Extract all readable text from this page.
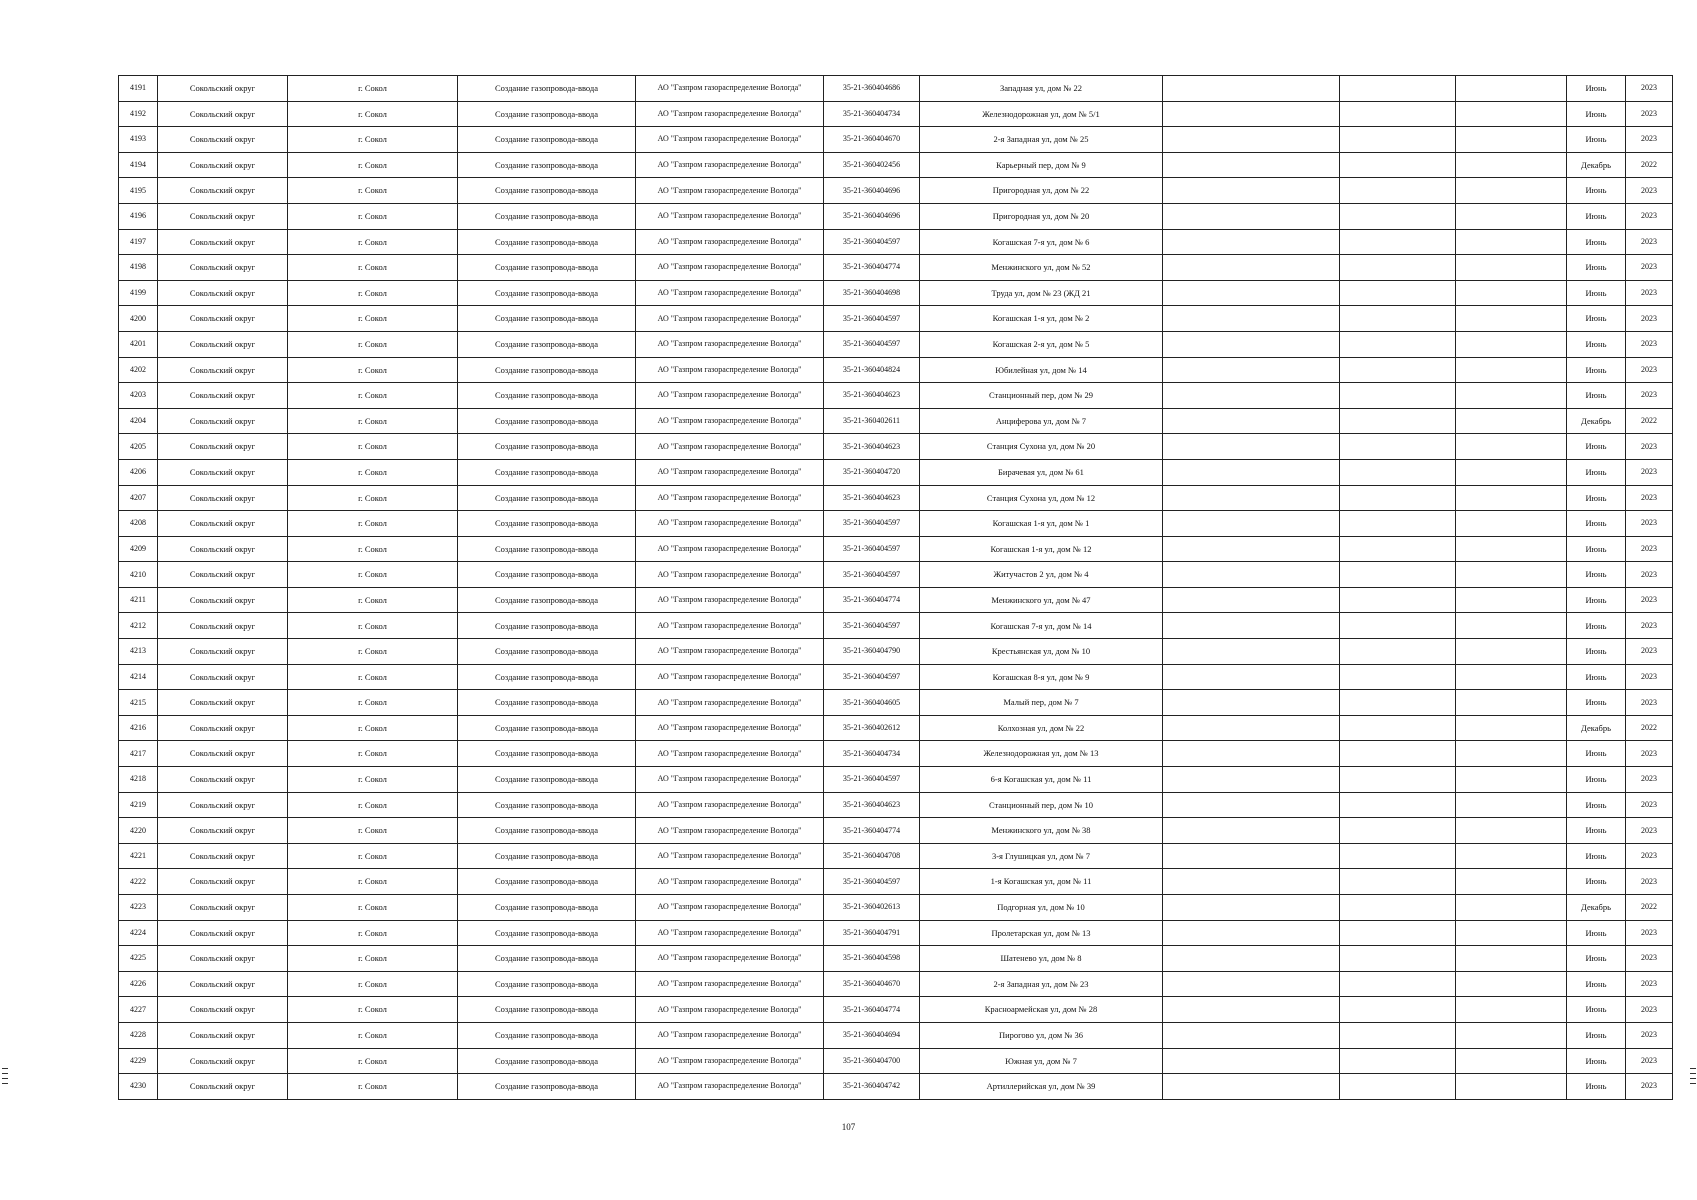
4191	Сокольский округ	г. Сокол	Создание газопровода-ввода	АО "Газпром газораспределение Вологда"	35-21-360404686	Западная ул, дом № 22				Июнь	2023
4192	Сокольский округ	г. Сокол	Создание газопровода-ввода	АО "Газпром газораспределение Вологда"	35-21-360404734	Железнодорожная ул, дом № 5/1				Июнь	2023
4193	Сокольский округ	г. Сокол	Создание газопровода-ввода	АО "Газпром газораспределение Вологда"	35-21-360404670	2-я Западная ул, дом № 25				Июнь	2023
4194	Сокольский округ	г. Сокол	Создание газопровода-ввода	АО "Газпром газораспределение Вологда"	35-21-360402456	Карьерный пер, дом № 9				Декабрь	2022
4195	Сокольский округ	г. Сокол	Создание газопровода-ввода	АО "Газпром газораспределение Вологда"	35-21-360404696	Пригородная ул, дом № 22				Июнь	2023
4196	Сокольский округ	г. Сокол	Создание газопровода-ввода	АО "Газпром газораспределение Вологда"	35-21-360404696	Пригородная ул, дом № 20				Июнь	2023
4197	Сокольский округ	г. Сокол	Создание газопровода-ввода	АО "Газпром газораспределение Вологда"	35-21-360404597	Когашская 7-я ул, дом № 6				Июнь	2023
4198	Сокольский округ	г. Сокол	Создание газопровода-ввода	АО "Газпром газораспределение Вологда"	35-21-360404774	Менжинского ул, дом № 52				Июнь	2023
4199	Сокольский округ	г. Сокол	Создание газопровода-ввода	АО "Газпром газораспределение Вологда"	35-21-360404698	Труда ул, дом № 23 (ЖД 21				Июнь	2023
4200	Сокольский округ	г. Сокол	Создание газопровода-ввода	АО "Газпром газораспределение Вологда"	35-21-360404597	Когашская 1-я ул, дом № 2				Июнь	2023
4201	Сокольский округ	г. Сокол	Создание газопровода-ввода	АО "Газпром газораспределение Вологда"	35-21-360404597	Когашская 2-я ул, дом № 5				Июнь	2023
4202	Сокольский округ	г. Сокол	Создание газопровода-ввода	АО "Газпром газораспределение Вологда"	35-21-360404824	Юбилейная ул, дом № 14				Июнь	2023
4203	Сокольский округ	г. Сокол	Создание газопровода-ввода	АО "Газпром газораспределение Вологда"	35-21-360404623	Станционный пер, дом № 29				Июнь	2023
4204	Сокольский округ	г. Сокол	Создание газопровода-ввода	АО "Газпром газораспределение Вологда"	35-21-360402611	Анциферова ул, дом № 7				Декабрь	2022
4205	Сокольский округ	г. Сокол	Создание газопровода-ввода	АО "Газпром газораспределение Вологда"	35-21-360404623	Станция Сухона ул, дом № 20				Июнь	2023
4206	Сокольский округ	г. Сокол	Создание газопровода-ввода	АО "Газпром газораспределение Вологда"	35-21-360404720	Бирачевая ул, дом № 61				Июнь	2023
4207	Сокольский округ	г. Сокол	Создание газопровода-ввода	АО "Газпром газораспределение Вологда"	35-21-360404623	Станция Сухона ул, дом № 12				Июнь	2023
4208	Сокольский округ	г. Сокол	Создание газопровода-ввода	АО "Газпром газораспределение Вологда"	35-21-360404597	Когашская 1-я ул, дом № 1				Июнь	2023
4209	Сокольский округ	г. Сокол	Создание газопровода-ввода	АО "Газпром газораспределение Вологда"	35-21-360404597	Когашская 1-я ул, дом № 12				Июнь	2023
4210	Сокольский округ	г. Сокол	Создание газопровода-ввода	АО "Газпром газораспределение Вологда"	35-21-360404597	Житучастов 2 ул, дом № 4				Июнь	2023
4211	Сокольский округ	г. Сокол	Создание газопровода-ввода	АО "Газпром газораспределение Вологда"	35-21-360404774	Менжинского ул, дом № 47				Июнь	2023
4212	Сокольский округ	г. Сокол	Создание газопровода-ввода	АО "Газпром газораспределение Вологда"	35-21-360404597	Когашская 7-я ул, дом № 14				Июнь	2023
4213	Сокольский округ	г. Сокол	Создание газопровода-ввода	АО "Газпром газораспределение Вологда"	35-21-360404790	Крестьянская ул, дом № 10				Июнь	2023
4214	Сокольский округ	г. Сокол	Создание газопровода-ввода	АО "Газпром газораспределение Вологда"	35-21-360404597	Когашская 8-я ул, дом № 9				Июнь	2023
4215	Сокольский округ	г. Сокол	Создание газопровода-ввода	АО "Газпром газораспределение Вологда"	35-21-360404605	Малый пер, дом № 7				Июнь	2023
4216	Сокольский округ	г. Сокол	Создание газопровода-ввода	АО "Газпром газораспределение Вологда"	35-21-360402612	Колхозная ул, дом № 22				Декабрь	2022
4217	Сокольский округ	г. Сокол	Создание газопровода-ввода	АО "Газпром газораспределение Вологда"	35-21-360404734	Железнодорожная ул, дом № 13				Июнь	2023
4218	Сокольский округ	г. Сокол	Создание газопровода-ввода	АО "Газпром газораспределение Вологда"	35-21-360404597	6-я Когашская ул, дом № 11				Июнь	2023
4219	Сокольский округ	г. Сокол	Создание газопровода-ввода	АО "Газпром газораспределение Вологда"	35-21-360404623	Станционный пер, дом № 10				Июнь	2023
4220	Сокольский округ	г. Сокол	Создание газопровода-ввода	АО "Газпром газораспределение Вологда"	35-21-360404774	Менжинского ул, дом № 38				Июнь	2023
4221	Сокольский округ	г. Сокол	Создание газопровода-ввода	АО "Газпром газораспределение Вологда"	35-21-360404708	3-я Глушицкая ул, дом № 7				Июнь	2023
4222	Сокольский округ	г. Сокол	Создание газопровода-ввода	АО "Газпром газораспределение Вологда"	35-21-360404597	1-я Когашская ул, дом № 11				Июнь	2023
4223	Сокольский округ	г. Сокол	Создание газопровода-ввода	АО "Газпром газораспределение Вологда"	35-21-360402613	Подгорная ул, дом № 10				Декабрь	2022
4224	Сокольский округ	г. Сокол	Создание газопровода-ввода	АО "Газпром газораспределение Вологда"	35-21-360404791	Пролетарская ул, дом № 13				Июнь	2023
4225	Сокольский округ	г. Сокол	Создание газопровода-ввода	АО "Газпром газораспределение Вологда"	35-21-360404598	Шатенево ул, дом № 8				Июнь	2023
4226	Сокольский округ	г. Сокол	Создание газопровода-ввода	АО "Газпром газораспределение Вологда"	35-21-360404670	2-я Западная ул, дом № 23				Июнь	2023
4227	Сокольский округ	г. Сокол	Создание газопровода-ввода	АО "Газпром газораспределение Вологда"	35-21-360404774	Красноармейская ул, дом № 28				Июнь	2023
4228	Сокольский округ	г. Сокол	Создание газопровода-ввода	АО "Газпром газораспределение Вологда"	35-21-360404694	Пирогово ул, дом № 36				Июнь	2023
4229	Сокольский округ	г. Сокол	Создание газопровода-ввода	АО "Газпром газораспределение Вологда"	35-21-360404700	Южная ул, дом № 7				Июнь	2023
4230	Сокольский округ	г. Сокол	Создание газопровода-ввода	АО "Газпром газораспределение Вологда"	35-21-360404742	Артиллерийская ул, дом № 39				Июнь	2023
107
